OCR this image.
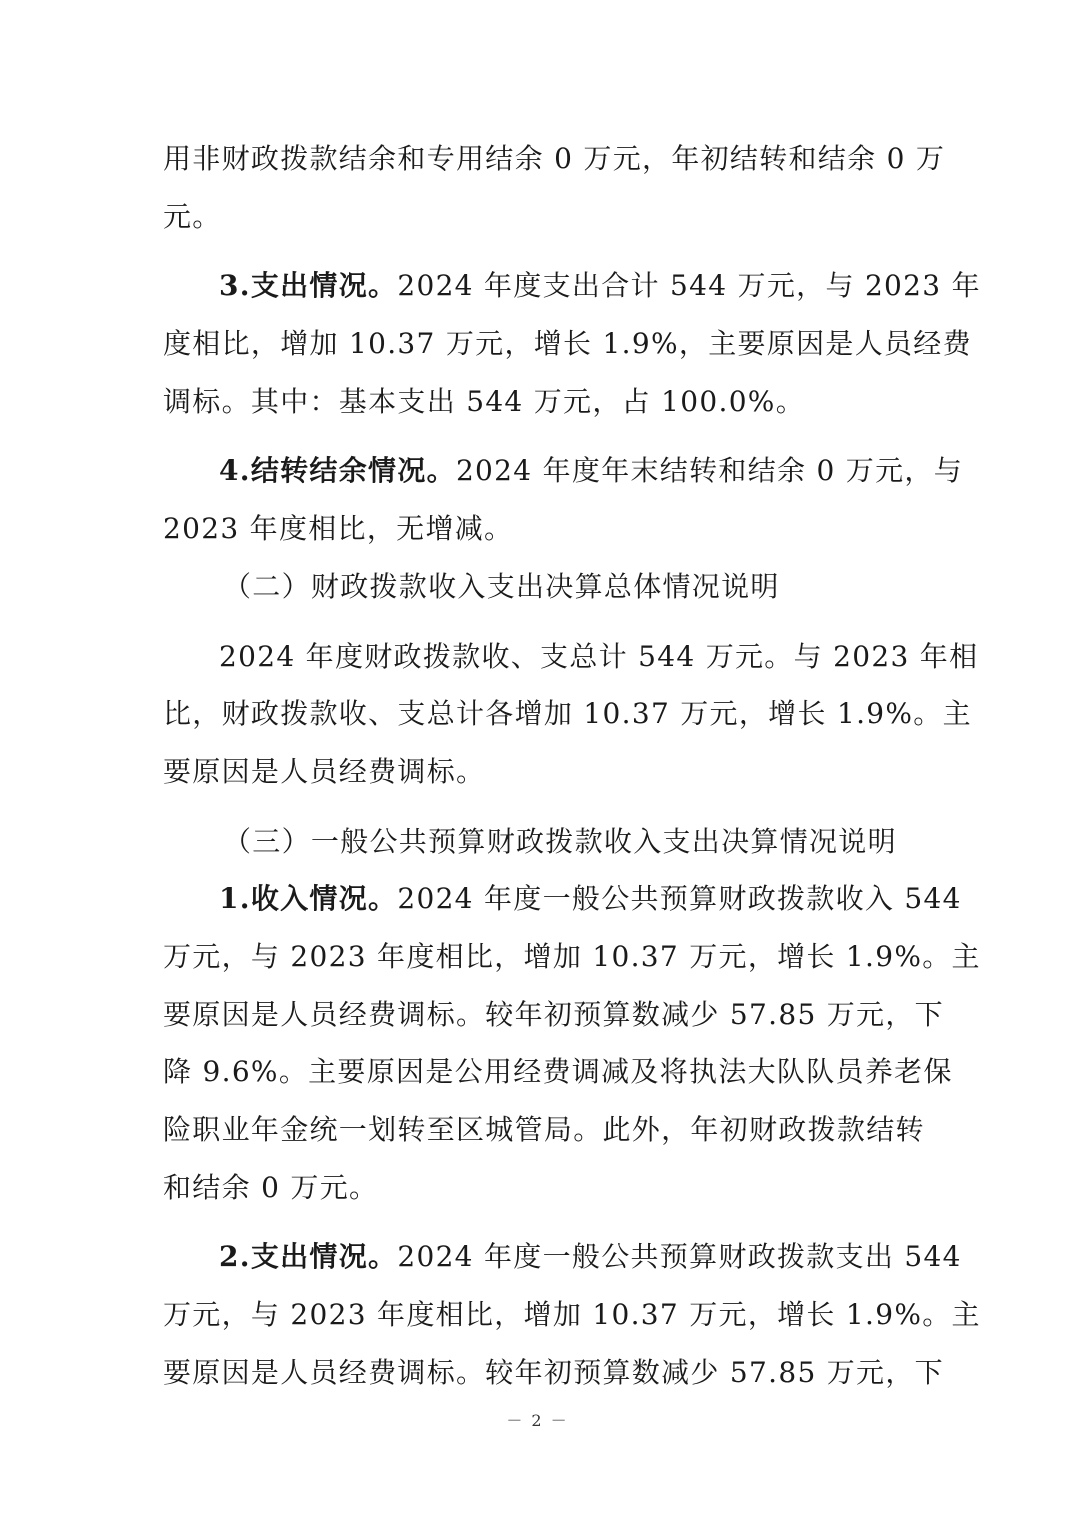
用非财政拨款结余和专用结余 0 万元，年初结转和结余 0 万
元。
3.支出情况。2024 年度支出合计 544 万元，与 2023 年
度相比，增加 10.37 万元，增长 1.9%，主要原因是人员经费
调标。其中：基本支出 544 万元，占 100.0%。
4.结转结余情况。2024 年度年末结转和结余 0 万元，与
2023 年度相比，无增减。
（二）财政拨款收入支出决算总体情况说明
2024 年度财政拨款收、支总计 544 万元。与 2023 年相
比，财政拨款收、支总计各增加 10.37 万元，增长 1.9%。主
要原因是人员经费调标。
（三）一般公共预算财政拨款收入支出决算情况说明
1.收入情况。2024 年度一般公共预算财政拨款收入 544
万元，与 2023 年度相比，增加 10.37 万元，增长 1.9%。主
要原因是人员经费调标。较年初预算数减少 57.85 万元，下
降 9.6%。主要原因是公用经费调减及将执法大队队员养老保
险职业年金统一划转至区城管局。此外，年初财政拨款结转
和结余 0 万元。
2.支出情况。2024 年度一般公共预算财政拨款支出 544
万元，与 2023 年度相比，增加 10.37 万元，增长 1.9%。主
要原因是人员经费调标。较年初预算数减少 57.85 万元，下
－ 2 －
